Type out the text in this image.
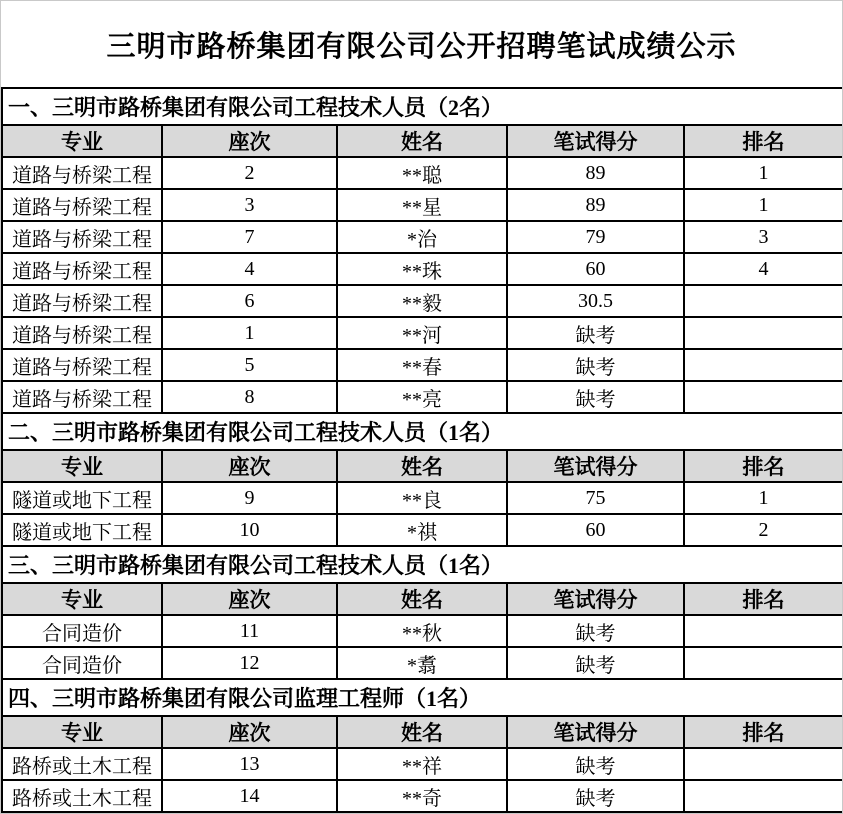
三明市路桥集团有限公司公开招聘笔试成绩公示
一、三明市路桥集团有限公司工程技术人员（2名）				
专业	座次	姓名	笔试得分	排名
道路与桥梁工程	2	**聪	89	1
道路与桥梁工程	3	**星	89	1
道路与桥梁工程	7	*治	79	3
道路与桥梁工程	4	**珠	60	4
道路与桥梁工程	6	**毅	30.5	
道路与桥梁工程	1	**河	缺考	
道路与桥梁工程	5	**春	缺考	
道路与桥梁工程	8	**亮	缺考	
二、三明市路桥集团有限公司工程技术人员（1名）				
专业	座次	姓名	笔试得分	排名
隧道或地下工程	9	**良	75	1
隧道或地下工程	10	*祺	60	2
三、三明市路桥集团有限公司工程技术人员（1名）				
专业	座次	姓名	笔试得分	排名
合同造价	11	**秋	缺考	
合同造价	12	*翥	缺考	
四、三明市路桥集团有限公司监理工程师（1名）				
专业	座次	姓名	笔试得分	排名
路桥或土木工程	13	**祥	缺考	
路桥或土木工程	14	**奇	缺考	
